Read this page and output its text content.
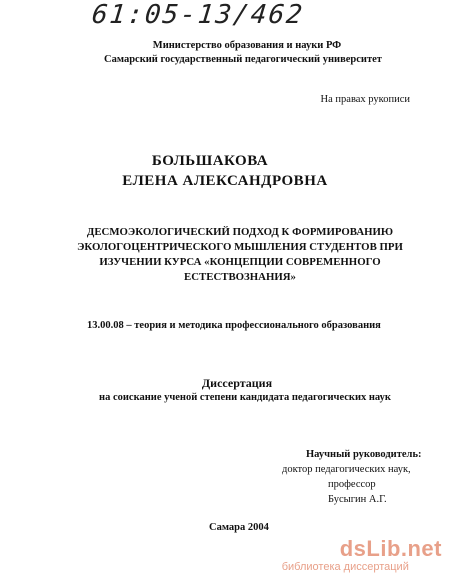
61:05-13/462
Министерство образования и науки РФ
Самарский государственный педагогический университет
На правах рукописи
БОЛЬШАКОВА
ЕЛЕНА АЛЕКСАНДРОВНА
ДЕСМОЭКОЛОГИЧЕСКИЙ ПОДХОД К ФОРМИРОВАНИЮ
ЭКОЛОГОЦЕНТРИЧЕСКОГО МЫШЛЕНИЯ СТУДЕНТОВ ПРИ
ИЗУЧЕНИИ КУРСА «КОНЦЕПЦИИ СОВРЕМЕННОГО
ЕСТЕСТВОЗНАНИЯ»
13.00.08 – теория и методика профессионального образования
Диссертация
на соискание ученой степени кандидата педагогических наук
Научный руководитель:
доктор педагогических наук,
профессор
Бусыгин А.Г.
Самара 2004
dsLib.net
библиотека диссертаций
